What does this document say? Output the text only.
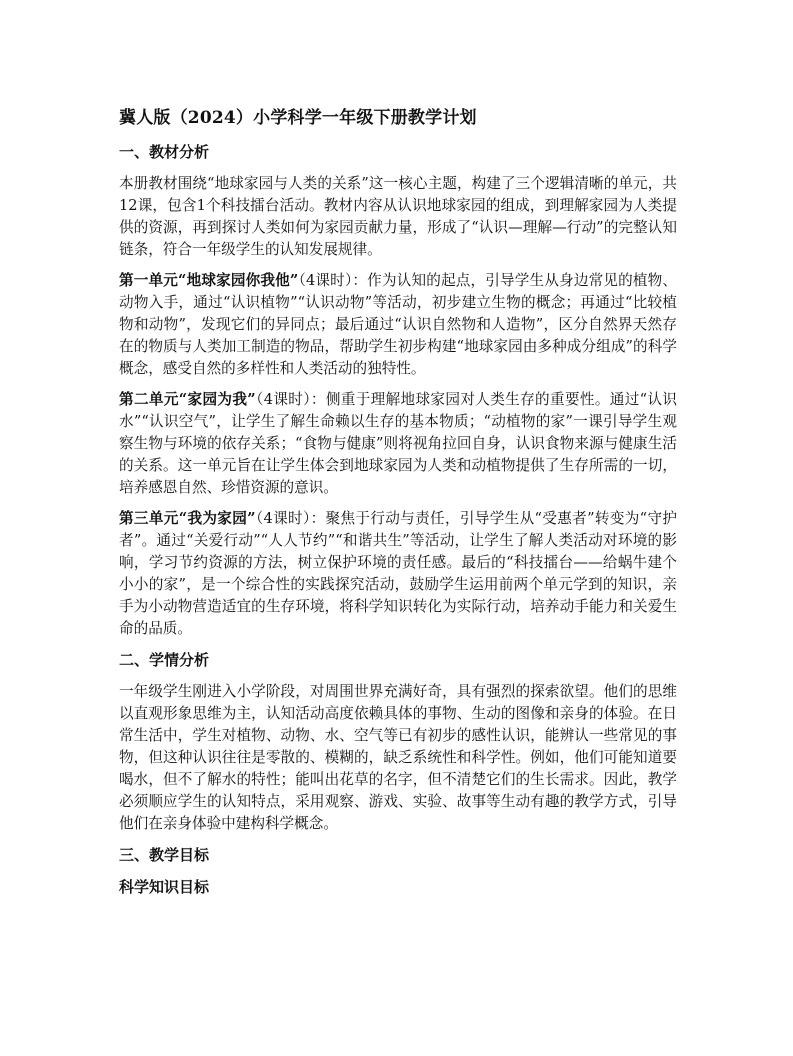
冀人版（2024）小学科学一年级下册教学计划
一、教材分析

本册教材围绕“地球家园与人类的关系”这一核心主题，构建了三个逻辑清晰的单元，共12课，包含1个科技擂台活动。教材内容从认识地球家园的组成，到理解家园为人类提供的资源，再到探讨人类如何为家园贡献力量，形成了“认识—理解—行动”的完整认知链条，符合一年级学生的认知发展规律。

第一单元“地球家园你我他”（4课时）：作为认知的起点，引导学生从身边常见的植物、动物入手，通过“认识植物”“认识动物”等活动，初步建立生物的概念；再通过“比较植物和动物”，发现它们的异同点；最后通过“认识自然物和人造物”，区分自然界天然存在的物质与人类加工制造的物品，帮助学生初步构建“地球家园由多种成分组成”的科学概念，感受自然的多样性和人类活动的独特性。

第二单元“家园为我”（4课时）：侧重于理解地球家园对人类生存的重要性。通过“认识水”“认识空气”，让学生了解生命赖以生存的基本物质；“动植物的家”一课引导学生观察生物与环境的依存关系；“食物与健康”则将视角拉回自身，认识食物来源与健康生活的关系。这一单元旨在让学生体会到地球家园为人类和动植物提供了生存所需的一切，培养感恩自然、珍惜资源的意识。

第三单元“我为家园”（4课时）：聚焦于行动与责任，引导学生从“受惠者”转变为“守护者”。通过“关爱行动”“人人节约”“和谐共生”等活动，让学生了解人类活动对环境的影响，学习节约资源的方法，树立保护环境的责任感。最后的“科技擂台——给蜗牛建个小小的家”，是一个综合性的实践探究活动，鼓励学生运用前两个单元学到的知识，亲手为小动物营造适宜的生存环境，将科学知识转化为实际行动，培养动手能力和关爱生命的品质。

二、学情分析

一年级学生刚进入小学阶段，对周围世界充满好奇，具有强烈的探索欲望。他们的思维以直观形象思维为主，认知活动高度依赖具体的事物、生动的图像和亲身的体验。在日常生活中，学生对植物、动物、水、空气等已有初步的感性认识，能辨认一些常见的事物，但这种认识往往是零散的、模糊的，缺乏系统性和科学性。例如，他们可能知道要喝水，但不了解水的特性；能叫出花草的名字，但不清楚它们的生长需求。因此，教学必须顺应学生的认知特点，采用观察、游戏、实验、故事等生动有趣的教学方式，引导他们在亲身体验中建构科学概念。

三、教学目标
科学知识目标
